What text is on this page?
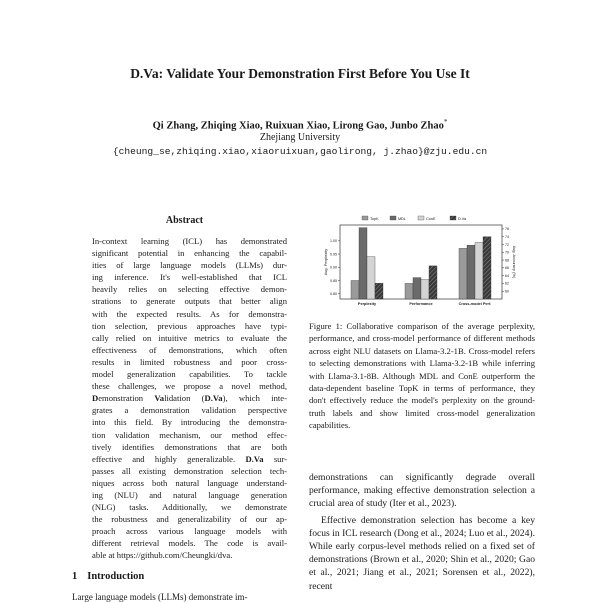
D.Va: Validate Your Demonstration First Before You Use It
Qi Zhang, Zhiqing Xiao, Ruixuan Xiao, Lirong Gao, Junbo Zhao*
Zhejiang University
{cheung_se,zhiqing.xiao,xiaoruixuan,gaolirong, j.zhao}@zju.edu.cn
Abstract
In-context learning (ICL) has demonstrated
significant potential in enhancing the capabil-
ities of large language models (LLMs) dur-
ing inference. It's well-established that ICL
heavily relies on selecting effective demon-
strations to generate outputs that better align
with the expected results. As for demonstra-
tion selection, previous approaches have typi-
cally relied on intuitive metrics to evaluate the
effectiveness of demonstrations, which often
results in limited robustness and poor cross-
model generalization capabilities. To tackle
these challenges, we propose a novel method,
Demonstration Validation (D.Va), which inte-
grates a demonstration validation perspective
into this field. By introducing the demonstra-
tion validation mechanism, our method effec-
tively identifies demonstrations that are both
effective and highly generalizable. D.Va sur-
passes all existing demonstration selection tech-
niques across both natural language understand-
ing (NLU) and natural language generation
(NLG) tasks. Additionally, we demonstrate
the robustness and generalizability of our ap-
proach across various language models with
different retrieval models. The code is avail-
able at https://github.com/Cheungki/dva.
1 Introduction
Large language models (LLMs) demonstrate im-
TopK	MDL	ConE	D.Va
0.80
0.85
0.90
0.95
1.00
60
62
64
66
68
70
72
74
76
Avg. Perplexity	Avg. Accuracy (%)
Perplexity	Performance	Cross-model Perf.
Figure 1: Collaborative comparison of the average perplexity, performance, and cross-model performance of different methods across eight NLU datasets on Llama-3.2-1B. Cross-model refers to selecting demonstrations with Llama-3.2-1B while inferring with Llama-3.1-8B. Although MDL and ConE outperform the data-dependent baseline TopK in terms of performance, they don't effectively reduce the model's perplexity on the ground-truth labels and show limited cross-model generalization capabilities.

demonstrations can significantly degrade overall performance, making effective demonstration selection a crucial area of study (Iter et al., 2023).

Effective demonstration selection has become a key focus in ICL research (Dong et al., 2024; Luo et al., 2024). While early corpus-level methods relied on a fixed set of demonstrations (Brown et al., 2020; Shin et al., 2020; Gao et al., 2021; Jiang et al., 2021; Sorensen et al., 2022), recent
